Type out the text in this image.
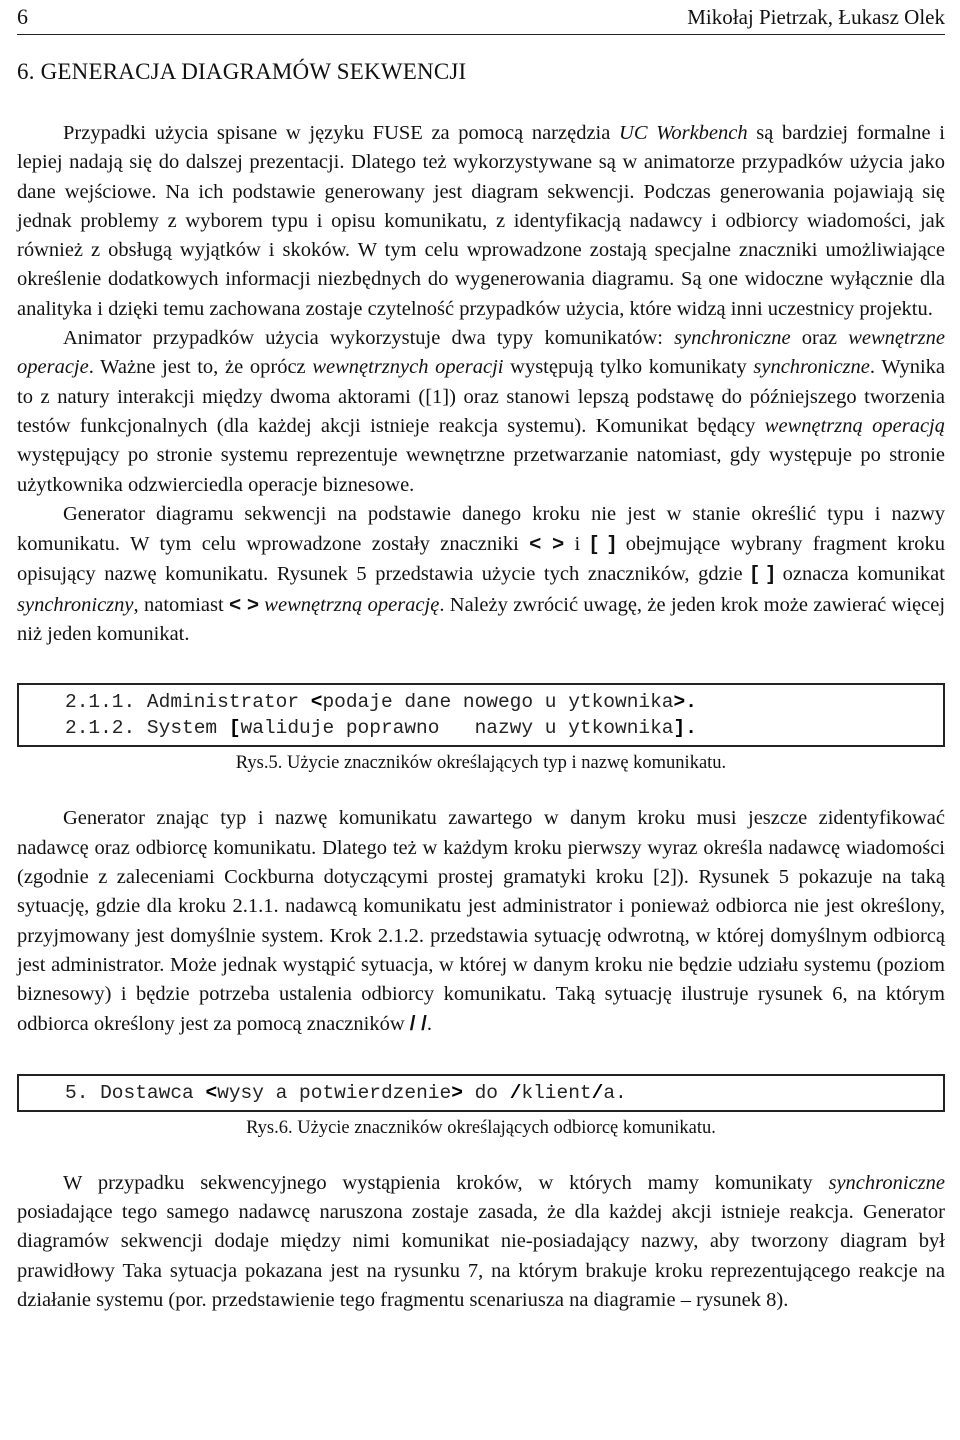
6	Mikołaj Pietrzak, Łukasz Olek
6. GENERACJA DIAGRAMÓW SEKWENCJI

Przypadki użycia spisane w języku FUSE za pomocą narzędzia UC Workbench są bardziej formalne i lepiej nadają się do dalszej prezentacji. Dlatego też wykorzystywane są w animatorze przypadków użycia jako dane wejściowe. Na ich podstawie generowany jest diagram sekwencji. Podczas generowania pojawiają się jednak problemy z wyborem typu i opisu komunikatu, z identyfikacją nadawcy i odbiorcy wiadomości, jak również z obsługą wyjątków i skoków. W tym celu wprowadzone zostają specjalne znaczniki umożliwiające określenie dodatkowych informacji niezbędnych do wygenerowania diagramu. Są one widoczne wyłącznie dla analityka i dzięki temu zachowana zostaje czytelność przypadków użycia, które widzą inni uczestnicy projektu.

Animator przypadków użycia wykorzystuje dwa typy komunikatów: synchroniczne oraz wewnętrzne operacje. Ważne jest to, że oprócz wewnętrznych operacji występują tylko komunikaty synchroniczne. Wynika to z natury interakcji między dwoma aktorami ([1]) oraz stanowi lepszą podstawę do późniejszego tworzenia testów funkcjonalnych (dla każdej akcji istnieje reakcja systemu). Komunikat będący wewnętrzną operacją występujący po stronie systemu reprezentuje wewnętrzne przetwarzanie natomiast, gdy występuje po stronie użytkownika odzwierciedla operacje biznesowe.

Generator diagramu sekwencji na podstawie danego kroku nie jest w stanie określić typu i nazwy komunikatu. W tym celu wprowadzone zostały znaczniki < > i [ ] obejmujące wybrany fragment kroku opisujący nazwę komunikatu. Rysunek 5 przedstawia użycie tych znaczników, gdzie [ ] oznacza komunikat synchroniczny, natomiast < > wewnętrzną operację. Należy zwrócić uwagę, że jeden krok może zawierać więcej niż jeden komunikat.

2.1.1. Administrator <podaje dane nowego u ytkownika>.
2.1.2. System [waliduje poprawno   nazwy u ytkownika].
Rys.5. Użycie znaczników określających typ i nazwę komunikatu.

Generator znając typ i nazwę komunikatu zawartego w danym kroku musi jeszcze zidentyfikować nadawcę oraz odbiorcę komunikatu. Dlatego też w każdym kroku pierwszy wyraz określa nadawcę wiadomości (zgodnie z zaleceniami Cockburna dotyczącymi prostej gramatyki kroku [2]). Rysunek 5 pokazuje na taką sytuację, gdzie dla kroku 2.1.1. nadawcą komunikatu jest administrator i ponieważ odbiorca nie jest określony, przyjmowany jest domyślnie system. Krok 2.1.2. przedstawia sytuację odwrotną, w której domyślnym odbiorcą jest administrator. Może jednak wystąpić sytuacja, w której w danym kroku nie będzie udziału systemu (poziom biznesowy) i będzie potrzeba ustalenia odbiorcy komunikatu. Taką sytuację ilustruje rysunek 6, na którym odbiorca określony jest za pomocą znaczników / /.

5. Dostawca <wysy a potwierdzenie> do /klient/a.
Rys.6. Użycie znaczników określających odbiorcę komunikatu.

W przypadku sekwencyjnego wystąpienia kroków, w których mamy komunikaty synchroniczne posiadające tego samego nadawcę naruszona zostaje zasada, że dla każdej akcji istnieje reakcja. Generator diagramów sekwencji dodaje między nimi komunikat nie-posiadający nazwy, aby tworzony diagram był prawidłowy Taka sytuacja pokazana jest na rysunku 7, na którym brakuje kroku reprezentującego reakcje na działanie systemu (por. przedstawienie tego fragmentu scenariusza na diagramie – rysunek 8).
